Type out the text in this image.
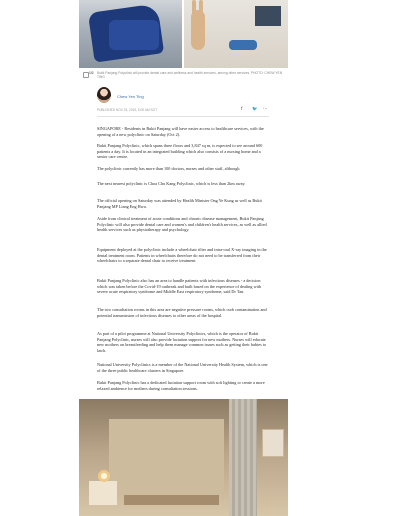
1/2 Bukit Panjang Polyclinic will provide dental care and wellness and health services, among other services. PHOTO: CHEW YEN TING
Chew Yen Ting
PUBLISHED NOV 23, 2019, 5:00 AM SGT	f 🐦 ⋯

SINGAPORE - Residents in Bukit Panjang will have easier access to healthcare services, with the opening of a new polyclinic on Saturday (Oct 2).

Bukit Panjang Polyclinic, which spans three floors and 3,847 sq m, is expected to see around 600 patients a day. It is located in an integrated building which also consists of a nursing home and a senior care centre.

The polyclinic currently has more than 100 doctors, nurses and other staff, although

The next nearest polyclinic is Choa Chu Kang Polyclinic, which is less than 2km away.

The official opening on Saturday was attended by Health Minister Ong Ye Kung as well as Bukit Panjang MP Liang Eng Hwa.

Aside from clinical treatment of acute conditions and chronic disease management, Bukit Panjang Polyclinic will also provide dental care and women's and children's health services, as well as allied health services such as physiotherapy and psychology.

Equipment deployed at the polyclinic include a wheelchair tilter and intra-oral X-ray imaging in the dental treatment room. Patients in wheelchairs therefore do not need to be transferred from their wheelchairs to a separate dental chair to receive treatment.

Bukit Panjang Polyclinic also has an area to handle patients with infectious diseases - a decision which was taken before the Covid-19 outbreak and built based on the experience of dealing with severe acute respiratory syndrome and Middle East respiratory syndrome, said Dr Tan.

The two consultation rooms in this area are negative pressure rooms, which curb contamination and potential transmission of infectious diseases to other areas of the hospital.

As part of a pilot programme at National University Polyclinics, which is the operator of Bukit Panjang Polyclinic, nurses will also provide lactation support for new mothers. Nurses will educate new mothers on breastfeeding and help them manage common issues such as getting their babies to latch.

National University Polyclinics is a member of the National University Health System, which is one of the three public healthcare clusters in Singapore.

Bukit Panjang Polyclinic has a dedicated lactation support room with soft lighting to create a more relaxed ambience for mothers during consultation sessions.
